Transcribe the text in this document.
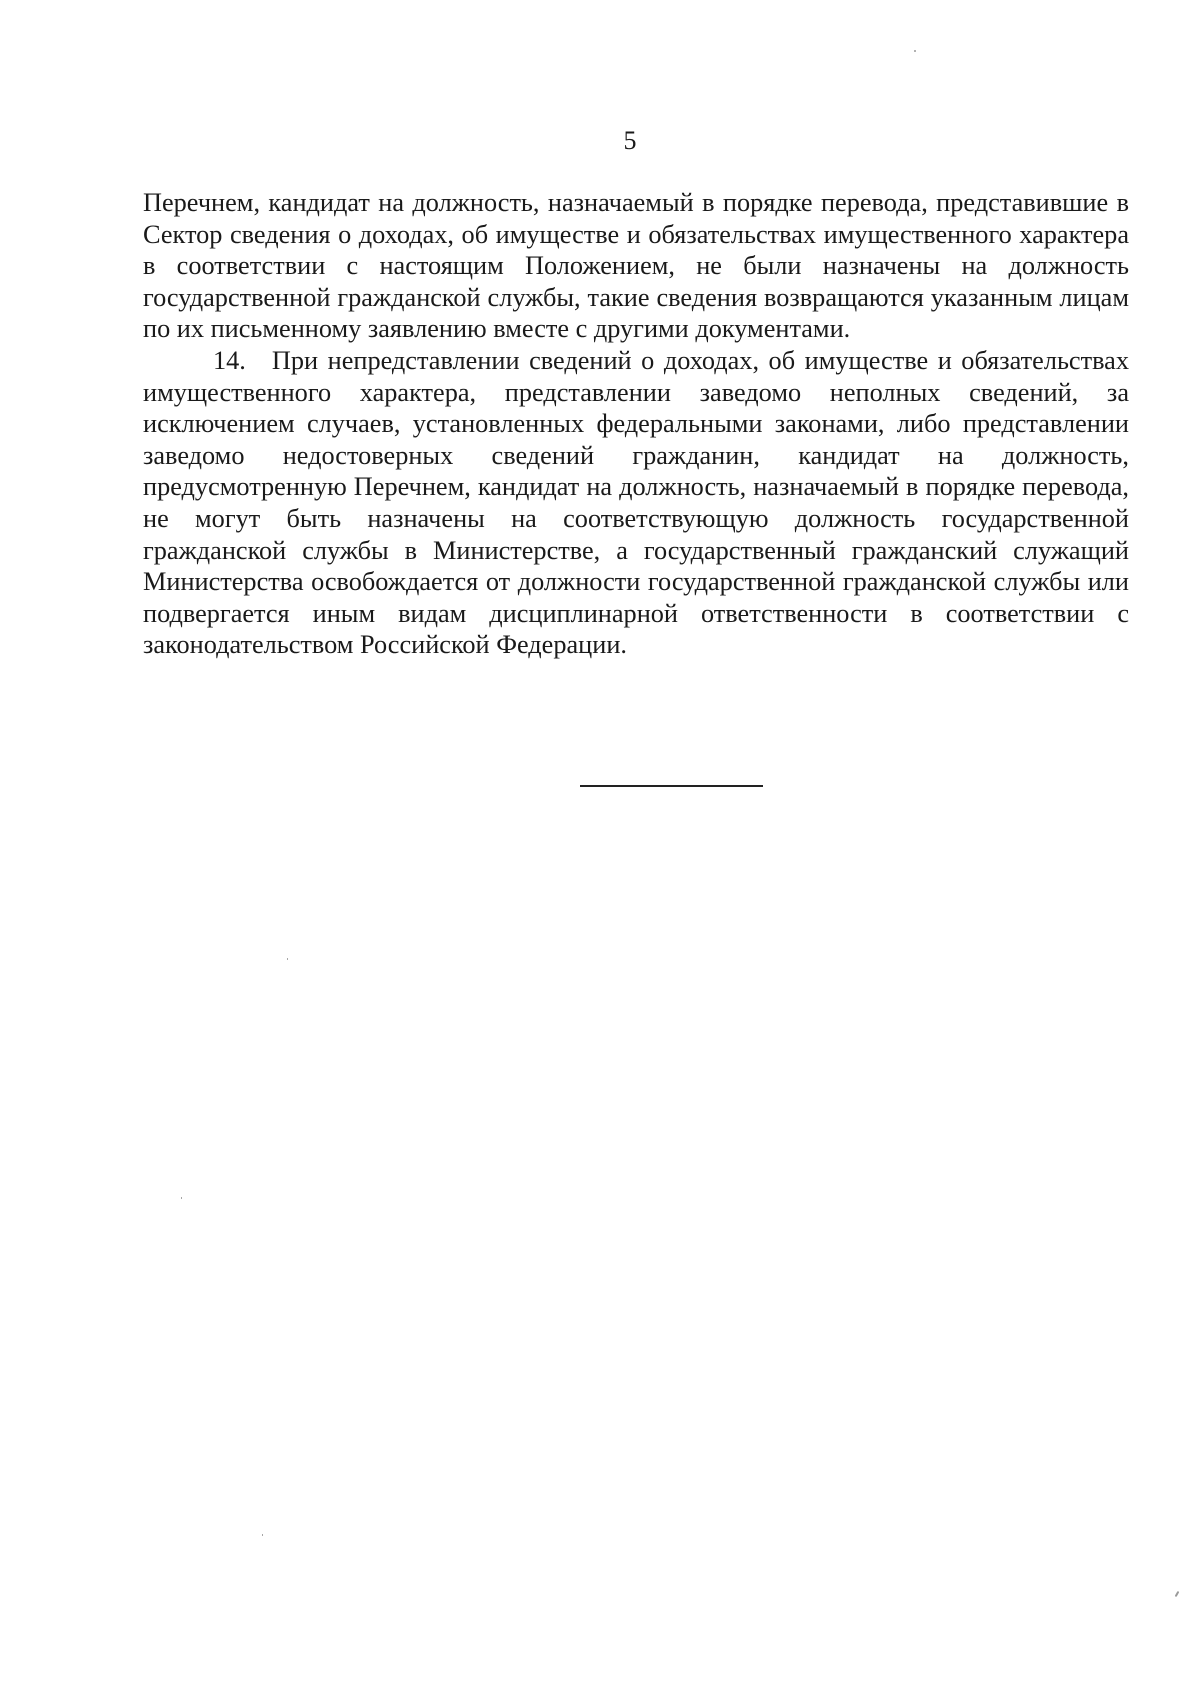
5

Перечнем, кандидат на должность, назначаемый в порядке перевода, представившие в Сектор сведения о доходах, об имуществе и обязательствах имущественного характера в соответствии с настоящим Положением, не были назначены на должность государственной гражданской службы, такие сведения возвращаются указанным лицам по их письменному заявлению вместе с другими документами.

14. При непредставлении сведений о доходах, об имуществе и обязательствах имущественного характера, представлении заведомо неполных сведений, за исключением случаев, установленных федеральными законами, либо представлении заведомо недостоверных сведений гражданин, кандидат на должность, предусмотренную Перечнем, кандидат на должность, назначаемый в порядке перевода, не могут быть назначены на соответствующую должность государственной гражданской службы в Министерстве, а государственный гражданский служащий Министерства освобождается от должности государственной гражданской службы или подвергается иным видам дисциплинарной ответственности в соответствии с законодательством Российской Федерации.
